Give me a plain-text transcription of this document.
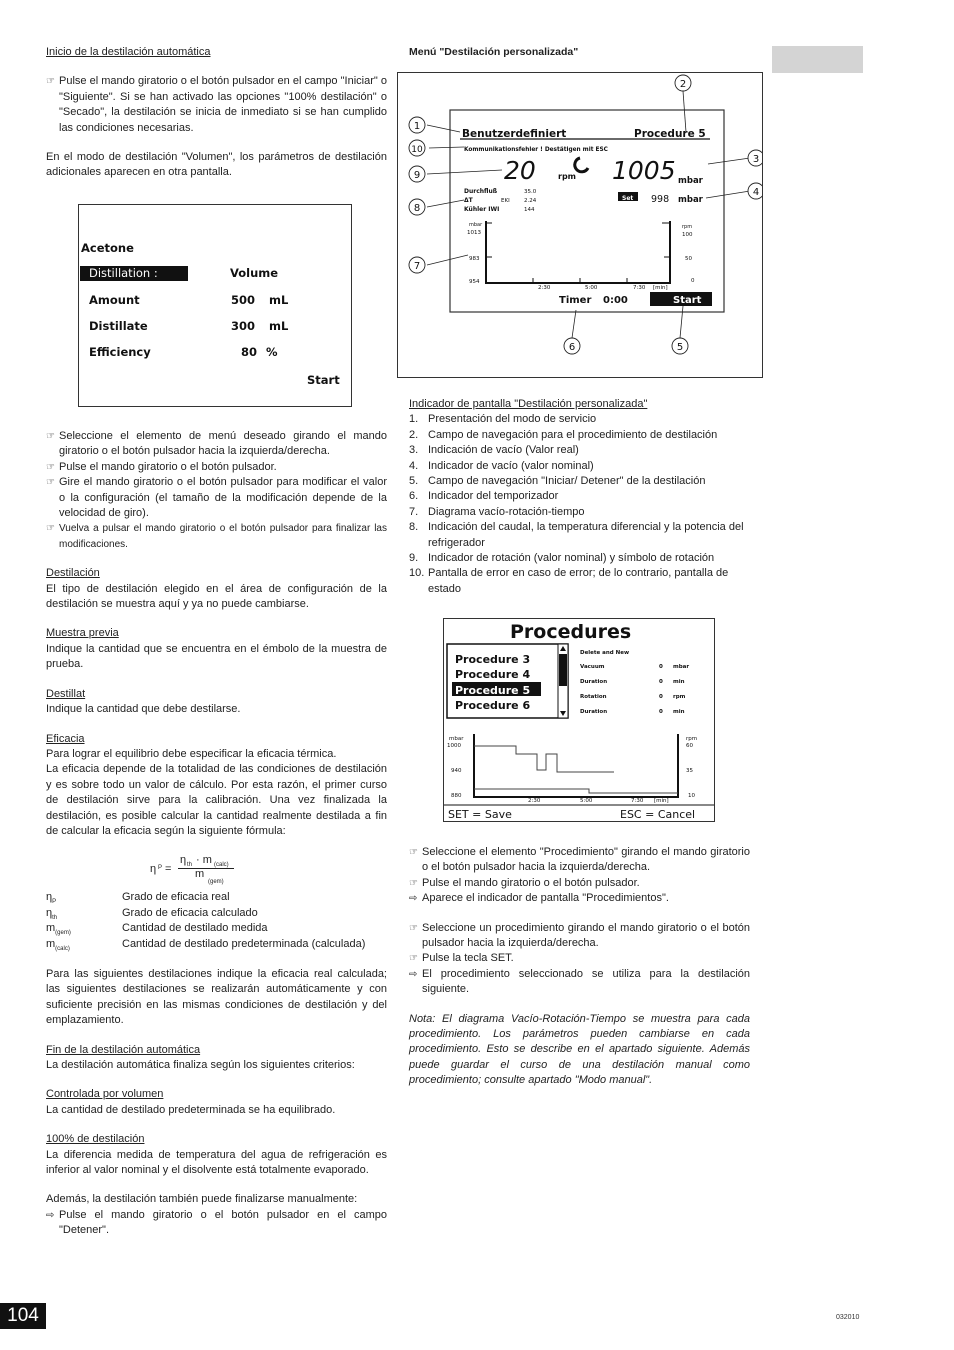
Inicio de la destilación automática

☞ Pulse el mando giratorio o el botón pulsador en el campo "Iniciar" o "Siguiente". Si se han activado las opciones "100% destilación" o "Secado", la destilación se inicia de inmediato si se han cumplido las condiciones necesarias.

En el modo de destilación "Volumen", los parámetros de destilación adicionales aparecen en otra pantalla.

Acetone
Distillation :	Volume
Amount	500 mL
Distillate	300 mL
Efficiency	80 %
Start

☞ Seleccione el elemento de menú deseado girando el mando giratorio o el botón pulsador hacia la izquierda/derecha.

☞ Pulse el mando giratorio o el botón pulsador.

☞ Gire el mando giratorio o el botón pulsador para modificar el valor o la configuración (el tamaño de la modificación depende de la velocidad de giro).

☞ Vuelva a pulsar el mando giratorio o el botón pulsador para finalizar las modificaciones.

Destilación

El tipo de destilación elegido en el área de configuración de la destilación se muestra aquí y ya no puede cambiarse.

Muestra previa

Indique la cantidad que se encuentra en el émbolo de la muestra de prueba.

Destillat

Indique la cantidad que debe destilarse.

Eficacia

Para lograr el equilibrio debe especificar la eficacia térmica.

La eficacia depende de la totalidad de las condiciones de destilación y es sobre todo un valor de cálculo. Por esta razón, el primer curso de destilación sirve para la calibración. Una vez finalizada la destilación, es posible calcular la cantidad realmente destilada a fin de calcular la eficacia según la siguiente fórmula:

η P =
η th · m (calc)
m
(gem)
$\eta_P$	Grado de eficacia real
$\eta_{th}$	Grado de eficacia calculado
$m_{(gem)}$	Cantidad de destilado medida
$m_{(calc)}$	Cantidad de destilado predeterminada (calculada)

Para las siguientes destilaciones indique la eficacia real calculada; las siguientes destilaciones se realizarán automáticamente y con suficiente precisión en las mismas condiciones de destilación y del emplazamiento.

Fin de la destilación automática

La destilación automática finaliza según los siguientes criterios:

Controlada por volumen

La cantidad de destilado predeterminada se ha equilibrado.

100% de destilación

La diferencia medida de temperatura del agua de refrigeración es inferior al valor nominal y el disolvente está totalmente evaporado.

Además, la destilación también puede finalizarse manualmente:

⇨ Pulse el mando giratorio o el botón pulsador en el campo "Detener".

Menú "Destilación personalizada"
1
2
3
4
5
6
7
8
9
10
Benutzerdefiniert	Procedure 5
Kommunikationsfehler ! Destätigen mit ESC
20	rpm 1005 mbar
Set 998 mbar
Durchfluß	35.0
ΔT	EKI	2.24
Kühler IWI	144
mbar
1013
983
954
rpm
100
50
0
2:30	5:00	7:30 [min]
Timer 0:00	Start

Indicador de pantalla "Destilación personalizada"

1. Presentación del modo de servicio
2. Campo de navegación para el procedimiento de destilación
3. Indicación de vacío (Valor real)
4. Indicador de vacío (valor nominal)
5. Campo de navegación "Iniciar/ Detener" de la destilación
6. Indicador del temporizador
7. Diagrama vacío-rotación-tiempo
8. Indicación del caudal, la temperatura diferencial y la potencia del refrigerador
9. Indicador de rotación (valor nominal) y símbolo de rotación
10. Pantalla de error en caso de error; de lo contrario, pantalla de estado
Procedures
Procedure 3
Procedure 4
Procedure 5
Procedure 6
Delete and New
Vacuum	0 mbar
Duration	0 min
Rotation	0 rpm
Duration	0 min
mbar
1000
940
880
rpm
60
35
10
2:30	5:00	7:30 [min]
SET = Save	ESC = Cancel

☞ Seleccione el elemento "Procedimiento" girando el mando giratorio o el botón pulsador hacia la izquierda/derecha.

☞ Pulse el mando giratorio o el botón pulsador.

⇨ Aparece el indicador de pantalla "Procedimientos".

☞ Seleccione un procedimiento girando el mando giratorio o el botón pulsador hacia la izquierda/derecha.

☞ Pulse la tecla SET.

⇨ El procedimiento seleccionado se utiliza para la destilación siguiente.

Nota: El diagrama Vacío-Rotación-Tiempo se muestra para cada procedimiento. Los parámetros pueden cambiarse en cada procedimiento. Esto se describe en el apartado siguiente. Además puede guardar el curso de una destilación manual como procedimiento; consulte apartado "Modo manual".

104	032010
